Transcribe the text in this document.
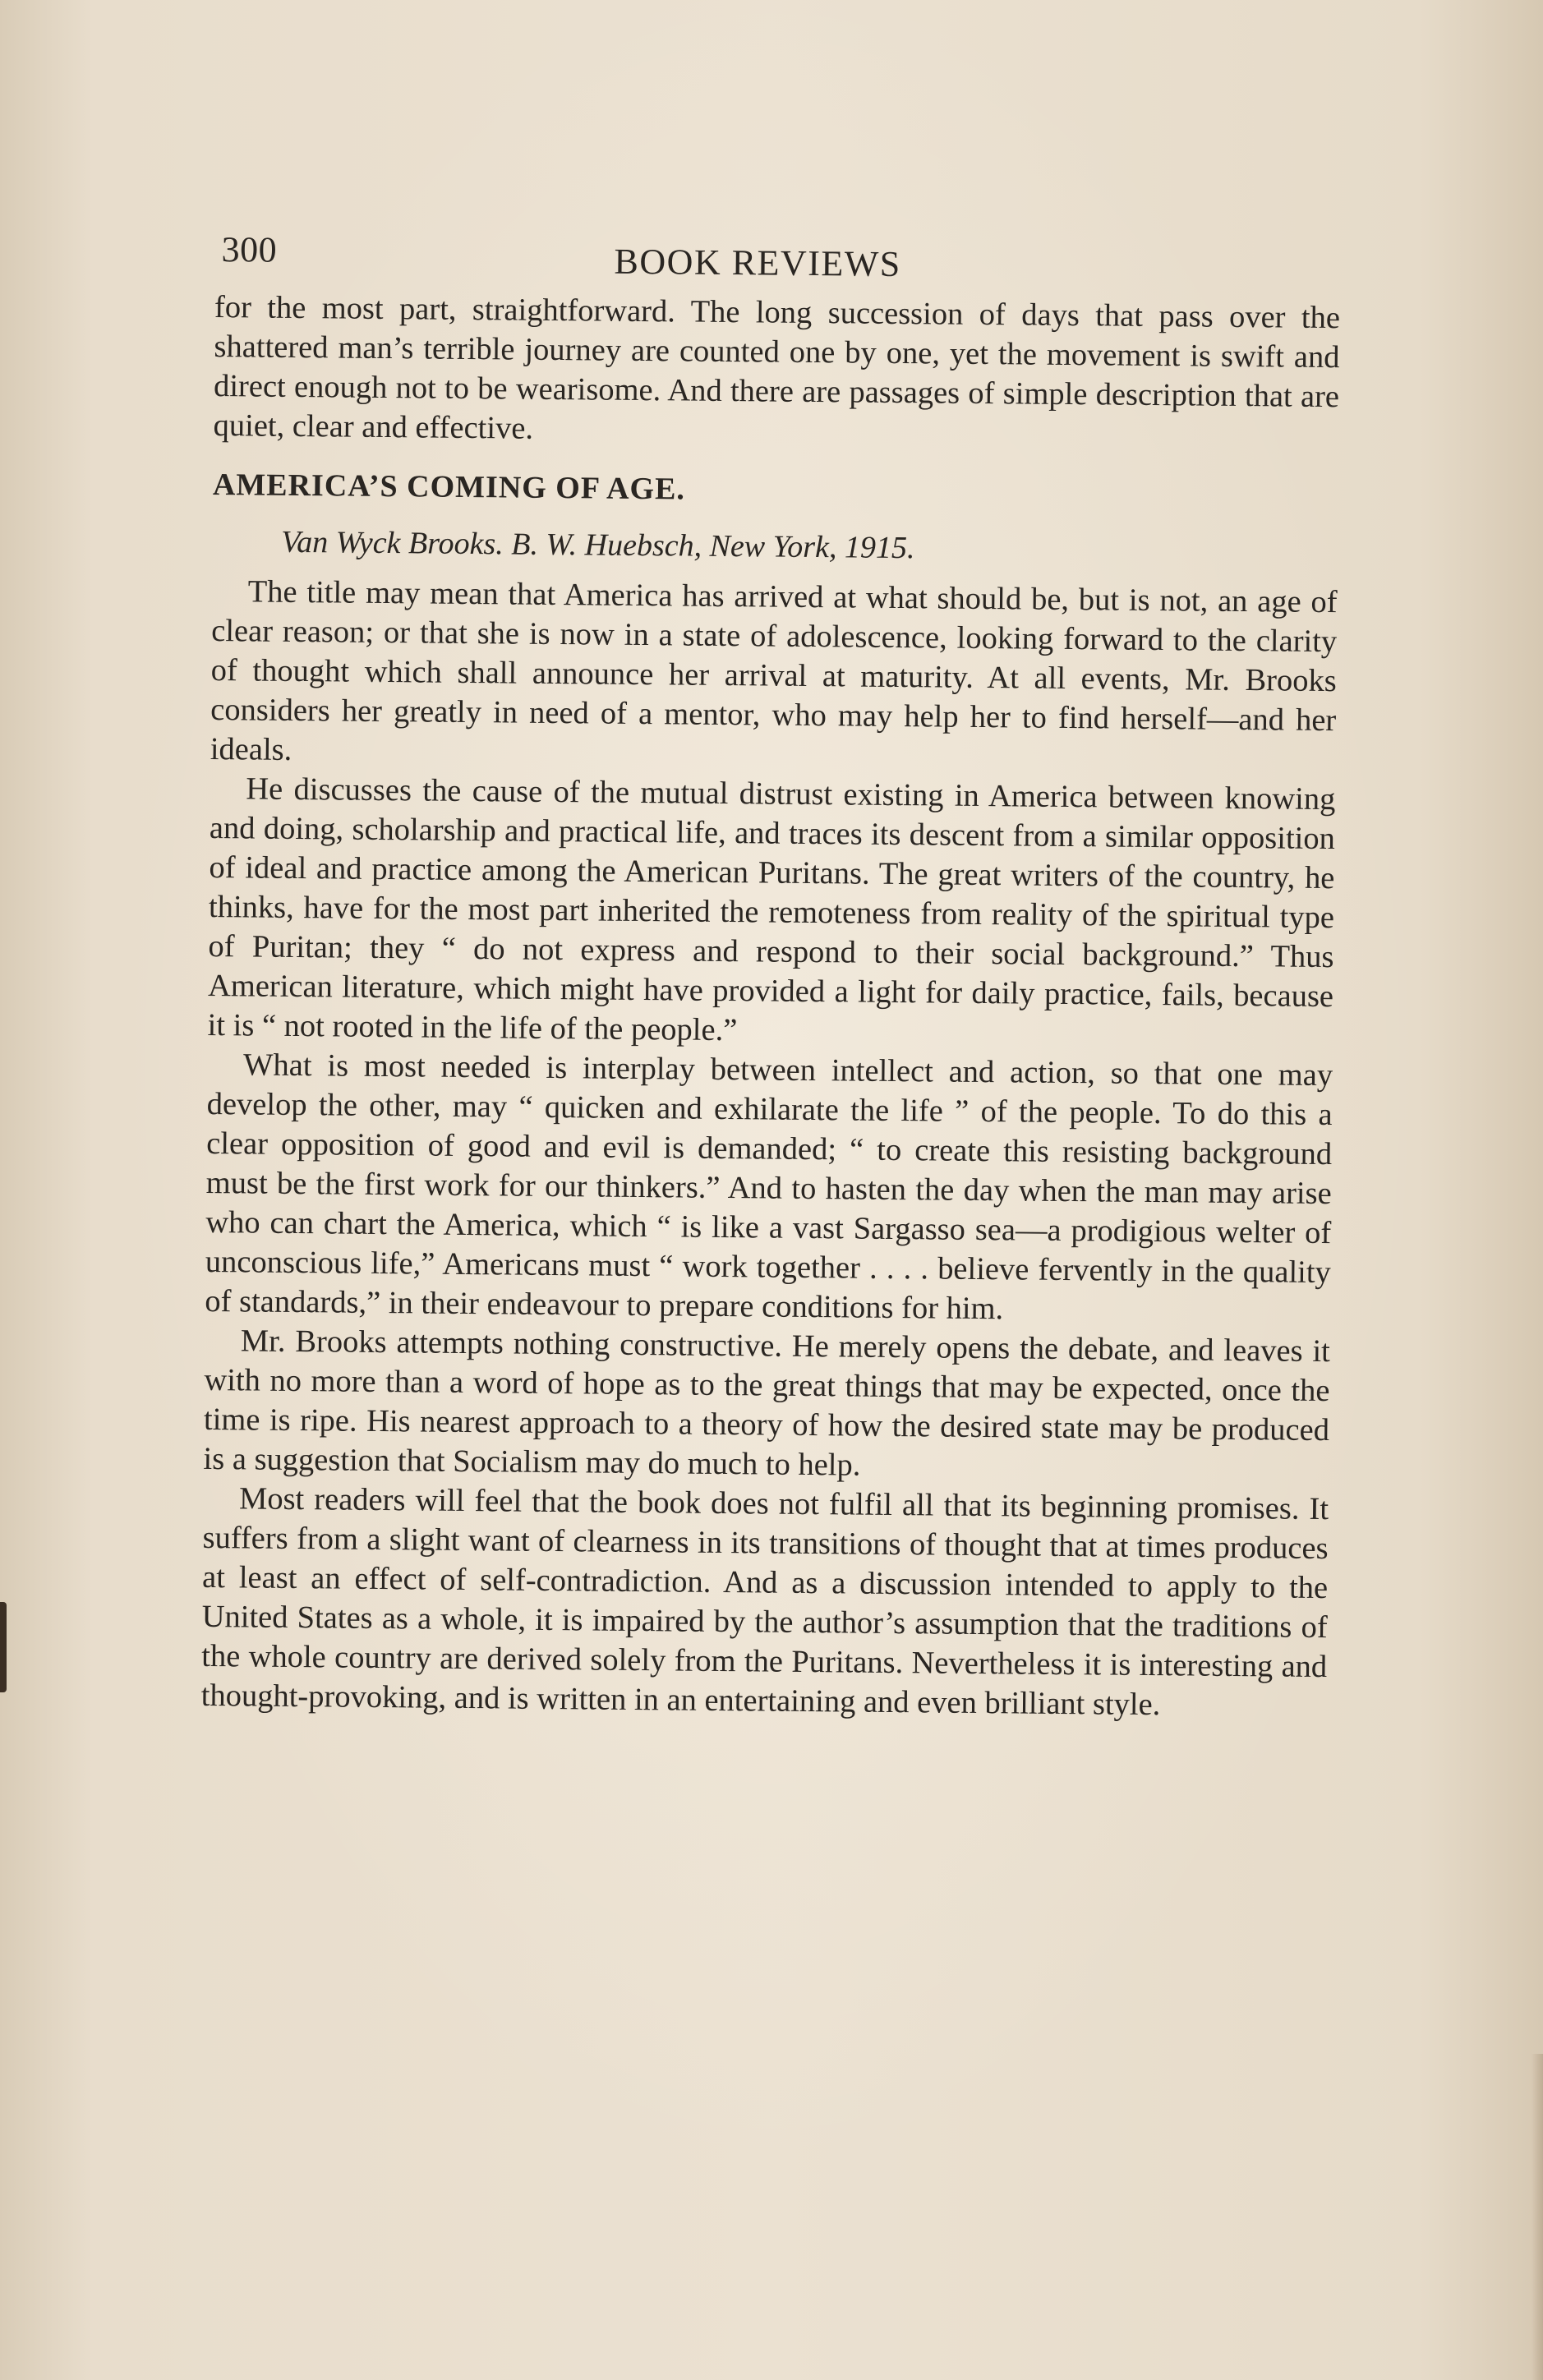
300	BOOK REVIEWS

for the most part, straightforward. The long succession of days that pass over the shattered man’s terrible journey are counted one by one, yet the movement is swift and direct enough not to be wearisome. And there are passages of simple description that are quiet, clear and effective.

AMERICA’S COMING OF AGE.
Van Wyck Brooks. B. W. Huebsch, New York, 1915.

The title may mean that America has arrived at what should be, but is not, an age of clear reason; or that she is now in a state of adolescence, looking forward to the clarity of thought which shall announce her arrival at maturity. At all events, Mr. Brooks considers her greatly in need of a mentor, who may help her to find herself—and her ideals.

He discusses the cause of the mutual distrust existing in America between knowing and doing, scholarship and practical life, and traces its descent from a similar opposition of ideal and practice among the American Puritans. The great writers of the country, he thinks, have for the most part inherited the remoteness from reality of the spiritual type of Puritan; they “ do not express and respond to their social background.” Thus American literature, which might have provided a light for daily practice, fails, because it is “ not rooted in the life of the people.”

What is most needed is interplay between intellect and action, so that one may develop the other, may “ quicken and exhilarate the life ” of the people. To do this a clear opposition of good and evil is demanded; “ to create this resisting background must be the first work for our thinkers.” And to hasten the day when the man may arise who can chart the America, which “ is like a vast Sargasso sea—a prodigious welter of unconscious life,” Americans must “ work together . . . . believe fervently in the quality of standards,” in their endeavour to prepare conditions for him.

Mr. Brooks attempts nothing constructive. He merely opens the debate, and leaves it with no more than a word of hope as to the great things that may be expected, once the time is ripe. His nearest approach to a theory of how the desired state may be produced is a suggestion that Socialism may do much to help.

Most readers will feel that the book does not fulfil all that its beginning promises. It suffers from a slight want of clearness in its transitions of thought that at times produces at least an effect of self-contradiction. And as a discussion intended to apply to the United States as a whole, it is impaired by the author’s assumption that the traditions of the whole country are derived solely from the Puritans. Nevertheless it is interesting and thought-provoking, and is written in an entertaining and even brilliant style.
